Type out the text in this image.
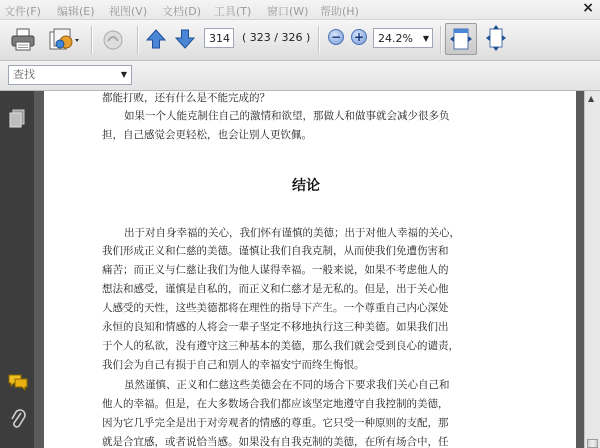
文件(F) 编辑(E) 视图(V) 文档(D) 工具(T) 窗口(W) 帮助(H)	×
314	( 323 / 326 ) − +	24.2% ▼
查找	▼
都能打败，还有什么是不能完成的？
如果一个人能克制住自己的激情和欲望，那做人和做事就会减少很多负
担，自己感觉会更轻松，也会让别人更钦佩。
结论
出于对自身幸福的关心，我们怀有谨慎的美德；出于对他人幸福的关心，
我们形成正义和仁慈的美德。谨慎让我们自我克制，从而使我们免遭伤害和
痛苦；而正义与仁慈让我们为他人谋得幸福。一般来说，如果不考虑他人的
想法和感受，谨慎是自私的，而正义和仁慈才是无私的。但是，出于关心他
人感受的天性，这些美德都将在理性的指导下产生。一个尊重自己内心深处
永恒的良知和情感的人将会一辈子坚定不移地执行这三种美德。如果我们出
于个人的私欲，没有遵守这三种基本的美德，那么我们就会受到良心的谴责，
我们会为自己有损于自己和别人的幸福安宁而终生悔恨。
虽然谨慎、正义和仁慈这些美德会在不同的场合下要求我们关心自己和
他人的幸福。但是，在大多数场合我们都应该坚定地遵守自我控制的美德，
因为它几乎完全是出于对旁观者的情感的尊重。它只受一种原则的支配，那
就是合宜感，或者说恰当感。如果没有自我克制的美德，在所有场合中，任
▲
